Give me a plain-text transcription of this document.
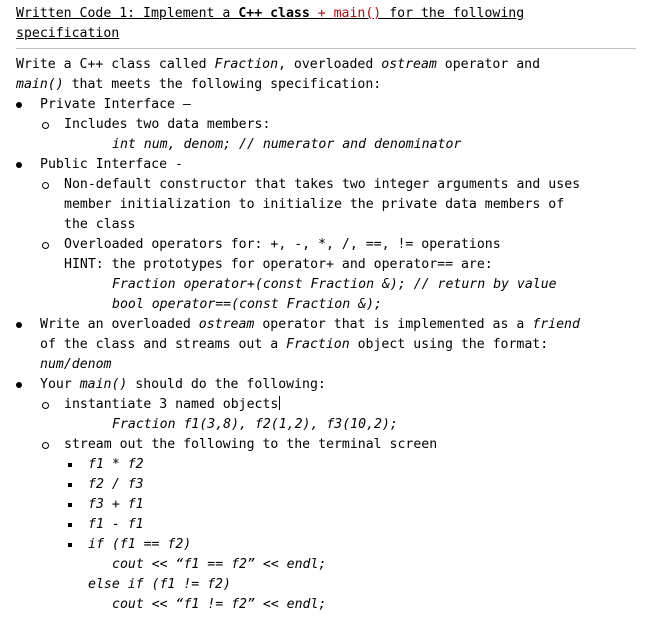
Written Code 1: Implement a C++ class + main() for the following
specification
Write a C++ class called Fraction, overloaded ostream operator and
main() that meets the following specification:
Private Interface –
Includes two data members:
int num, denom; // numerator and denominator
Public Interface -
Non-default constructor that takes two integer arguments and uses
member initialization to initialize the private data members of
the class
Overloaded operators for: +, -, *, /, ==, != operations
HINT: the prototypes for operator+ and operator== are:
Fraction operator+(const Fraction &); // return by value
bool operator==(const Fraction &);
Write an overloaded ostream operator that is implemented as a friend
of the class and streams out a Fraction object using the format:
num/denom
Your main() should do the following:
instantiate 3 named objects
Fraction f1(3,8), f2(1,2), f3(10,2);
stream out the following to the terminal screen
f1 * f2
f2 / f3
f3 + f1
f1 - f1
if (f1 == f2)
cout << “f1 == f2” << endl;
else if (f1 != f2)
cout << “f1 != f2” << endl;
